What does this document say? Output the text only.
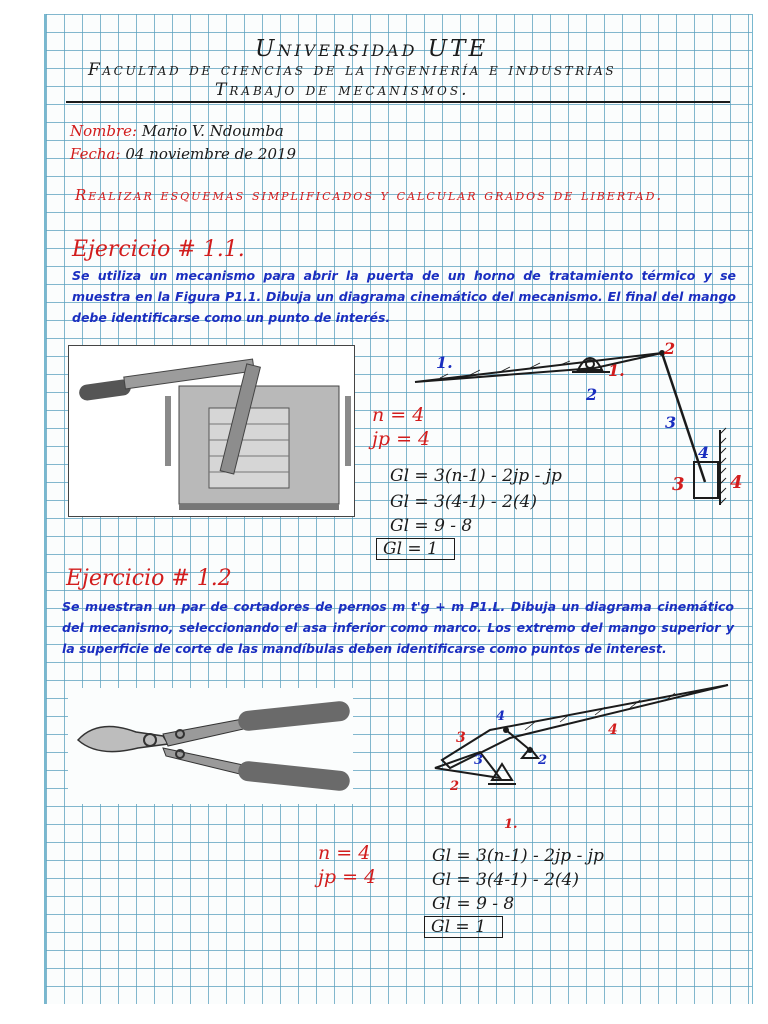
Universidad UTE
Facultad de ciencias de la ingeniería e industrias
Trabajo de mecanismos.
Nombre: Mario V. Ndoumba
Fecha: 04 noviembre de 2019
Realizar esquemas simplificados y calcular grados de libertad.
Ejercicio # 1.1.
Se utiliza un mecanismo para abrir la puerta de un horno de tratamiento térmico y se muestra en la Figura P1.1. Dibuja un diagrama cinemático del mecanismo. El final del mango debe identificarse como un punto de interés.
1.
2
1.
2
3
4
3	4
n = 4
jp = 4
Gl = 3(n-1) - 2jp - jp
Gl = 3(4-1) - 2(4)
Gl = 9 - 8
Gl = 1
Ejercicio # 1.2
Se muestran un par de cortadores de pernos m t'g + m P1.L. Dibuja un diagrama cinemático del mecanismo, seleccionando el asa inferior como marco. Los extremo del mango superior y la superficie de corte de las mandíbulas deben identificarse como puntos de interest.
4
3	4
3	2
2
1.
n = 4
jp = 4
Gl = 3(n-1) - 2jp - jp
Gl = 3(4-1) - 2(4)
Gl = 9 - 8
Gl = 1
